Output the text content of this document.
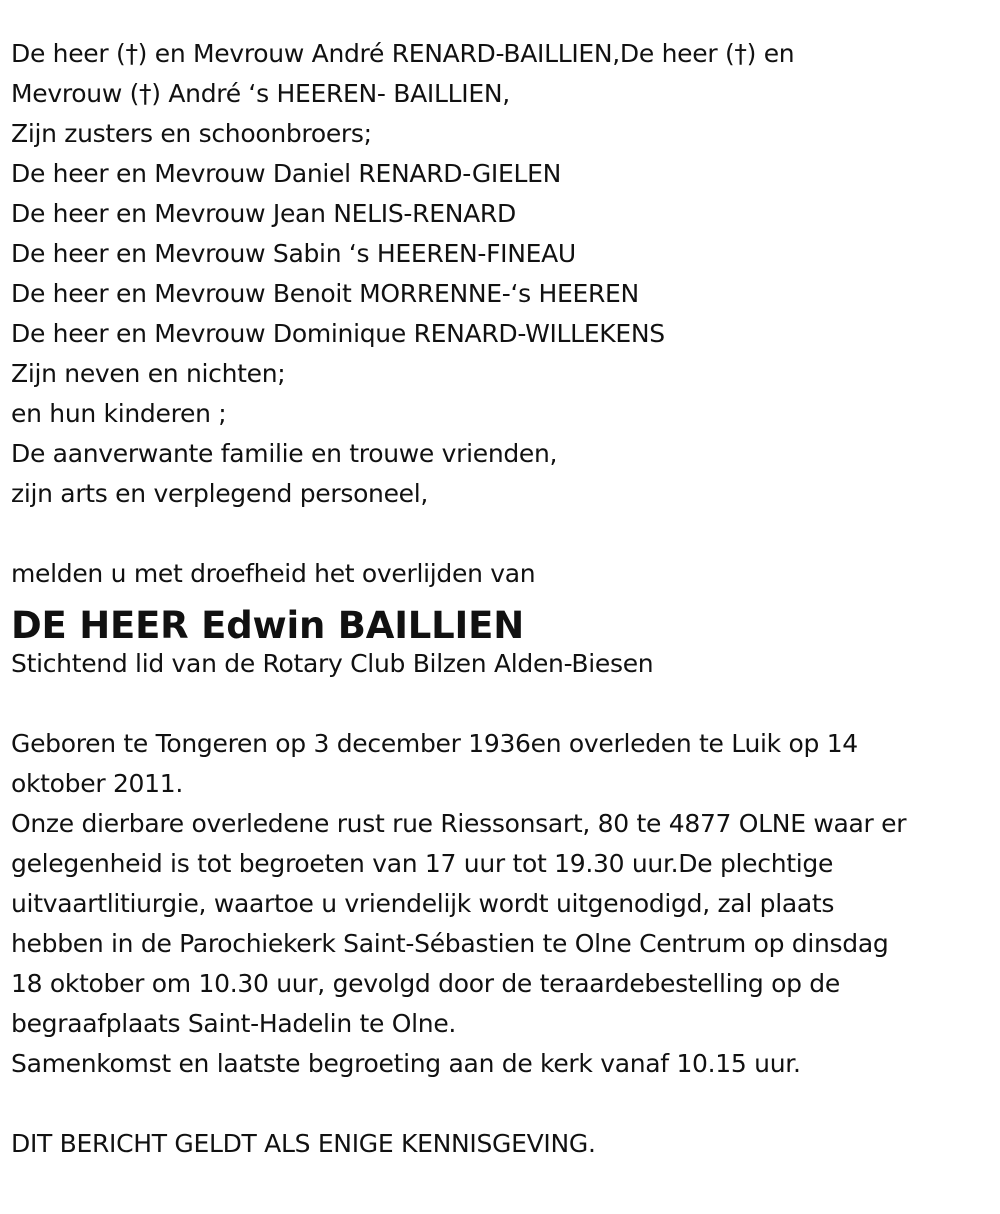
De heer (†) en Mevrouw André RENARD-BAILLIEN,De heer (†) en
Mevrouw (†) André ‘s HEEREN- BAILLIEN,
Zijn zusters en schoonbroers;
De heer en Mevrouw Daniel RENARD-GIELEN
De heer en Mevrouw Jean NELIS-RENARD
De heer en Mevrouw Sabin ‘s HEEREN-FINEAU
De heer en Mevrouw Benoit MORRENNE-‘s HEEREN
De heer en Mevrouw Dominique RENARD-WILLEKENS
Zijn neven en nichten;
en hun kinderen ;
De aanverwante familie en trouwe vrienden,
zijn arts en verplegend personeel,
melden u met droefheid het overlijden van
DE HEER Edwin BAILLIEN
Stichtend lid van de Rotary Club Bilzen Alden-Biesen
Geboren te Tongeren op 3 december 1936en overleden te Luik op 14
oktober 2011.
Onze dierbare overledene rust rue Riessonsart, 80 te 4877 OLNE waar er
gelegenheid is tot begroeten van 17 uur tot 19.30 uur.De plechtige
uitvaartlitiurgie, waartoe u vriendelijk wordt uitgenodigd, zal plaats
hebben in de Parochiekerk Saint-Sébastien te Olne Centrum op dinsdag
18 oktober om 10.30 uur, gevolgd door de teraardebestelling op de
begraafplaats Saint-Hadelin te Olne.
Samenkomst en laatste begroeting aan de kerk vanaf 10.15 uur.
DIT BERICHT GELDT ALS ENIGE KENNISGEVING.
